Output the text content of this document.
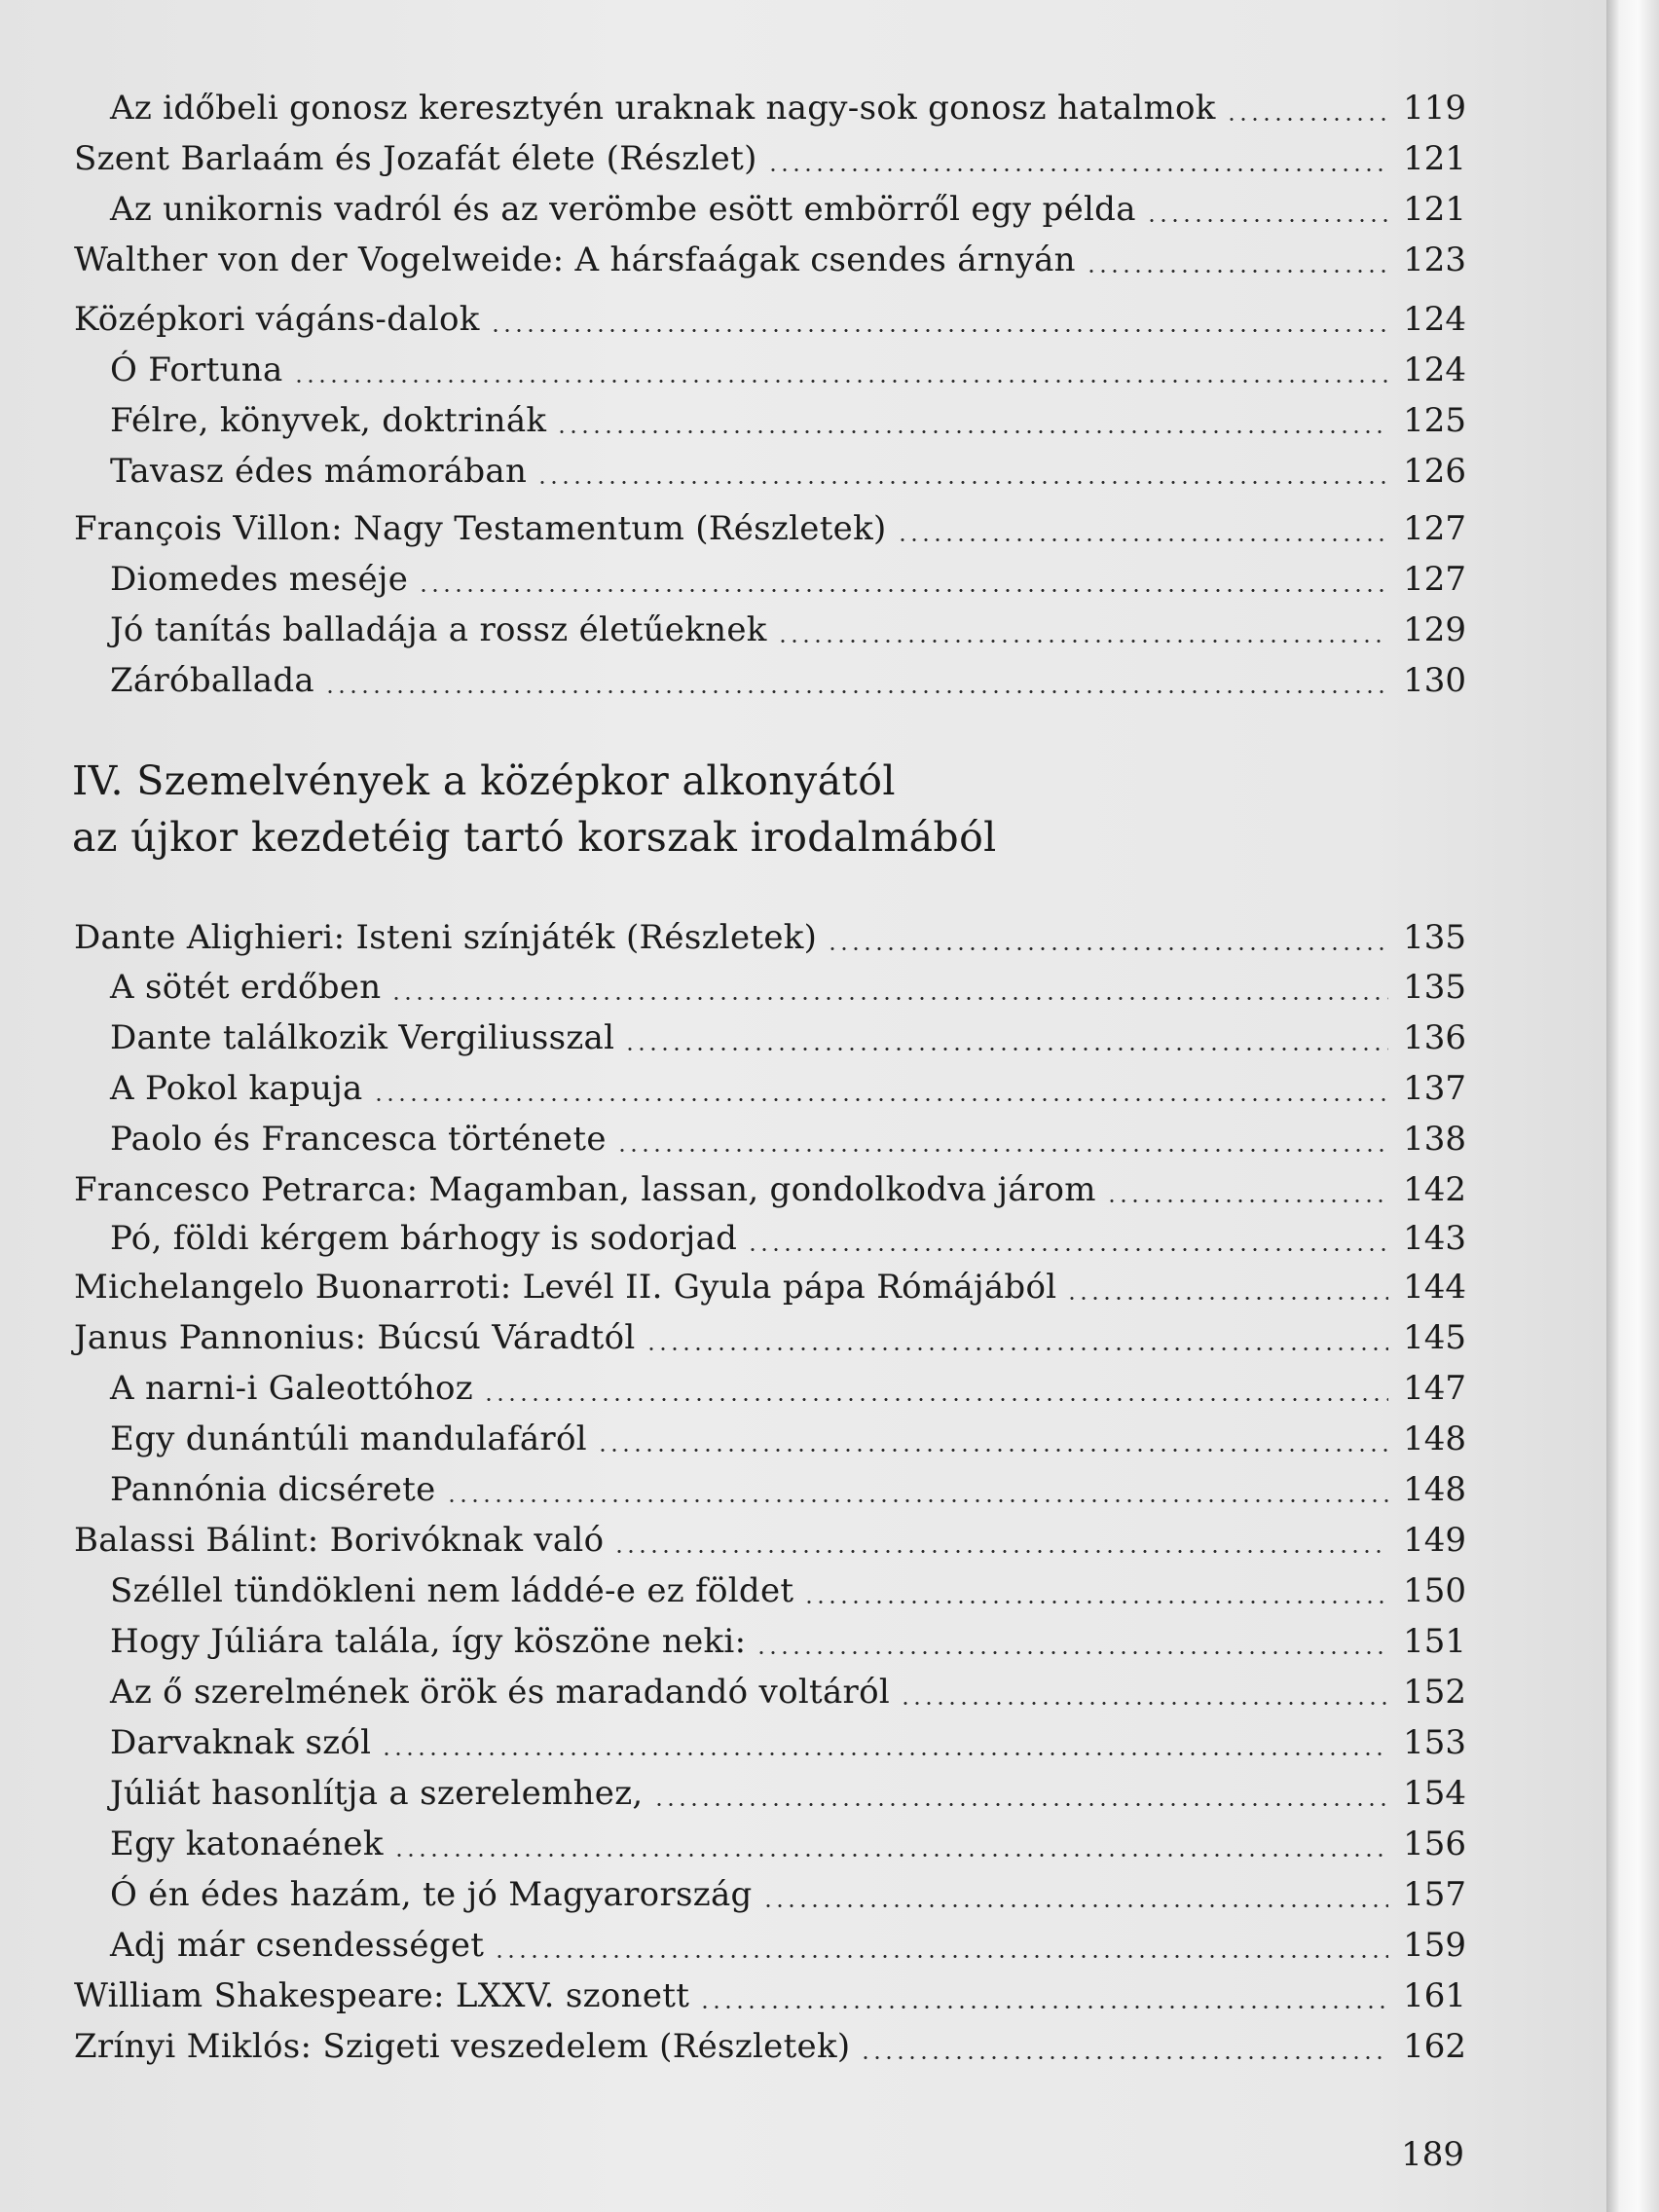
Az időbeli gonosz keresztyén uraknak nagy-sok gonosz hatalmok	119
Szent Barlaám és Jozafát élete (Részlet)	121
Az unikornis vadról és az verömbe esött embörről egy példa	121
Walther von der Vogelweide: A hársfaágak csendes árnyán	123
Középkori vágáns-dalok	124
Ó Fortuna	124
Félre, könyvek, doktrinák	125
Tavasz édes mámorában	126
François Villon: Nagy Testamentum (Részletek)	127
Diomedes meséje	127
Jó tanítás balladája a rossz életűeknek	129
Záróballada	130
IV. Szemelvények a középkor alkonyától
az újkor kezdetéig tartó korszak irodalmából
Dante Alighieri: Isteni színjáték (Részletek)	135
A sötét erdőben	135
Dante találkozik Vergiliusszal	136
A Pokol kapuja	137
Paolo és Francesca története	138
Francesco Petrarca: Magamban, lassan, gondolkodva járom	142
Pó, földi kérgem bárhogy is sodorjad	143
Michelangelo Buonarroti: Levél II. Gyula pápa Rómájából	144
Janus Pannonius: Búcsú Váradtól	145
A narni-i Galeottóhoz	147
Egy dunántúli mandulafáról	148
Pannónia dicsérete	148
Balassi Bálint: Borivóknak való	149
Széllel tündökleni nem láddé-e ez földet	150
Hogy Júliára talála, így köszöne neki:	151
Az ő szerelmének örök és maradandó voltáról	152
Darvaknak szól	153
Júliát hasonlítja a szerelemhez,	154
Egy katonaének	156
Ó én édes hazám, te jó Magyarország	157
Adj már csendességet	159
William Shakespeare: LXXV. szonett	161
Zrínyi Miklós: Szigeti veszedelem (Részletek)	162
189
